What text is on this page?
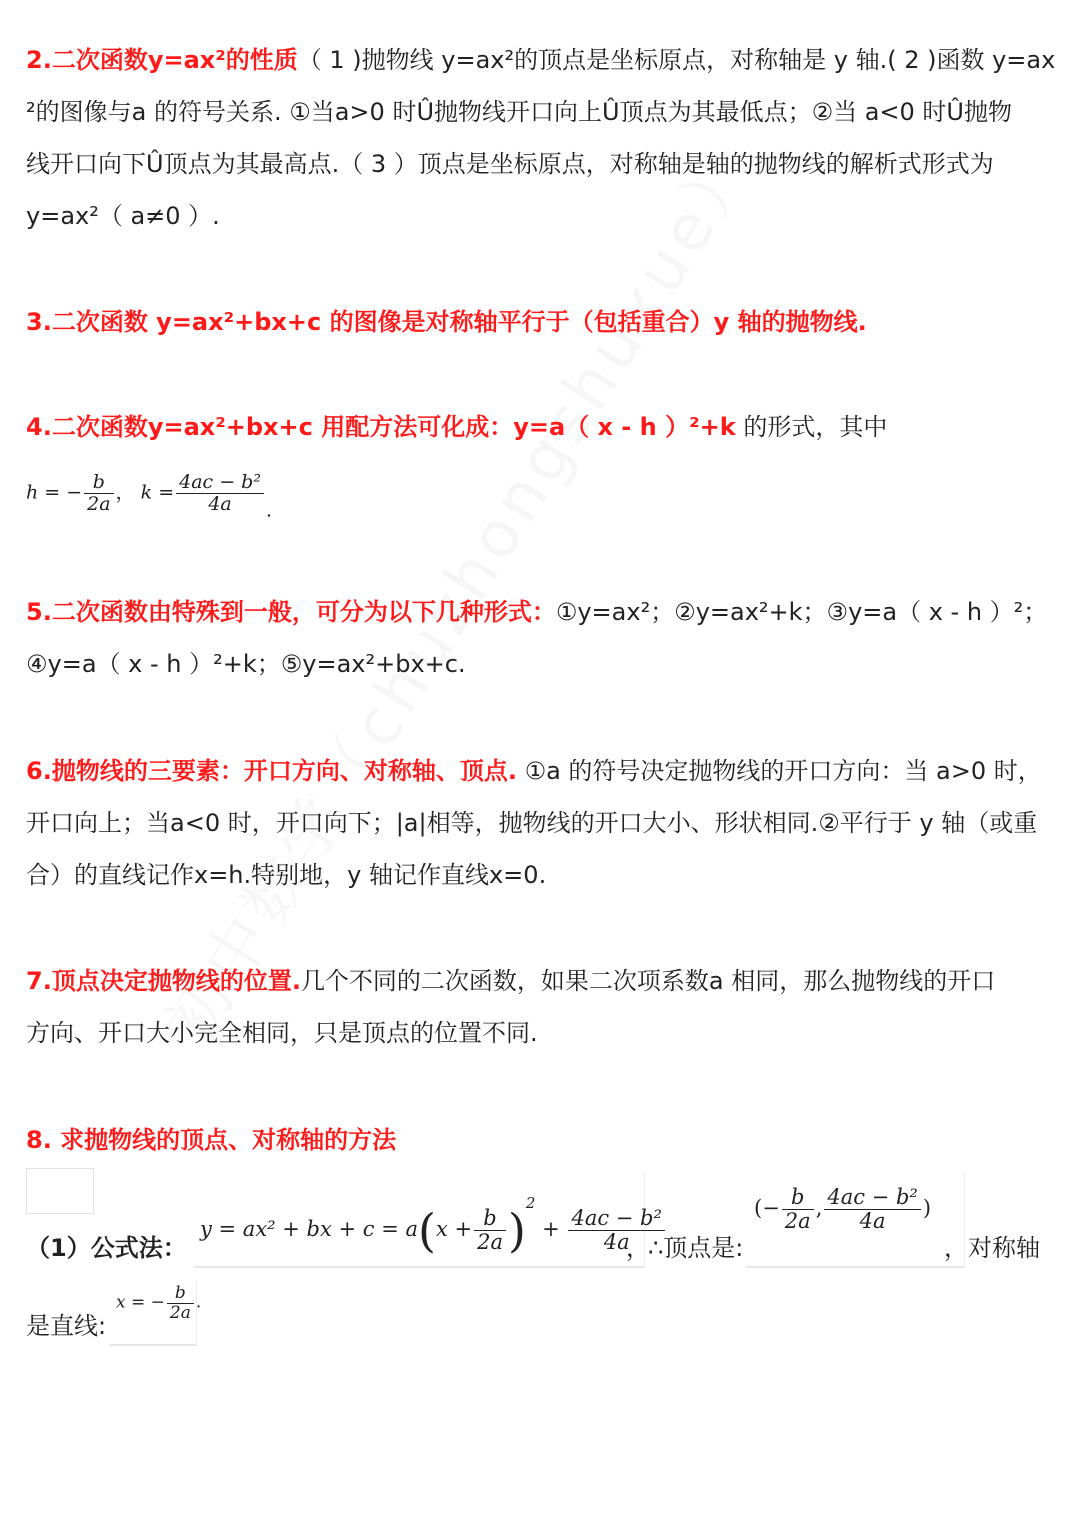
2.二次函数y=ax²的性质（ 1 )抛物线 y=ax²的顶点是坐标原点，对称轴是 y 轴.( 2 )函数 y=ax
²的图像与a 的符号关系. ①当a>0 时Û抛物线开口向上Û顶点为其最低点；②当 a<0 时Û抛物
线开口向下Û顶点为其最高点.（ 3 ）顶点是坐标原点，对称轴是轴的抛物线的解析式形式为
y=ax²（ a≠0 ）.

3.二次函数 y=ax²+bx+c 的图像是对称轴平行于（包括重合）y 轴的抛物线.

4.二次函数y=ax²+bx+c 用配方法可化成：y=a（ x - h ）²+k 的形式，其中

h = − $\frac{b}{2a}$ ， $k = \frac{\text{4ac − b²}}{4a}$ .

5.二次函数由特殊到一般，可分为以下几种形式：①y=ax²；②y=ax²+k；③y=a（ x - h ）²；
④y=a（ x - h ）²+k；⑤y=ax²+bx+c.

6.抛物线的三要素：开口方向、对称轴、顶点. ①a 的符号决定抛物线的开口方向：当 a>0 时，
开口向上；当a<0 时，开口向下；|a|相等，抛物线的开口大小、形状相同.②平行于 y 轴（或重
合）的直线记作x=h.特别地，y 轴记作直线x=0.

7.顶点决定抛物线的位置.几个不同的二次函数，如果二次项系数a 相同，那么抛物线的开口
方向、开口大小完全相同，只是顶点的位置不同.

8. 求抛物线的顶点、对称轴的方法

（1）公式法：
y = ax² + bx + $c = a(x + \frac{b}{2a} )^2 + \frac{\text{4ac − b²}}{4a}$
，
∴顶点是:
(− $\frac{b}{2a}$ , $\frac{\text{4ac − b²}}{4a}$ )
，对称轴
是直线:
x = − $\frac{b}{2a}$ .
